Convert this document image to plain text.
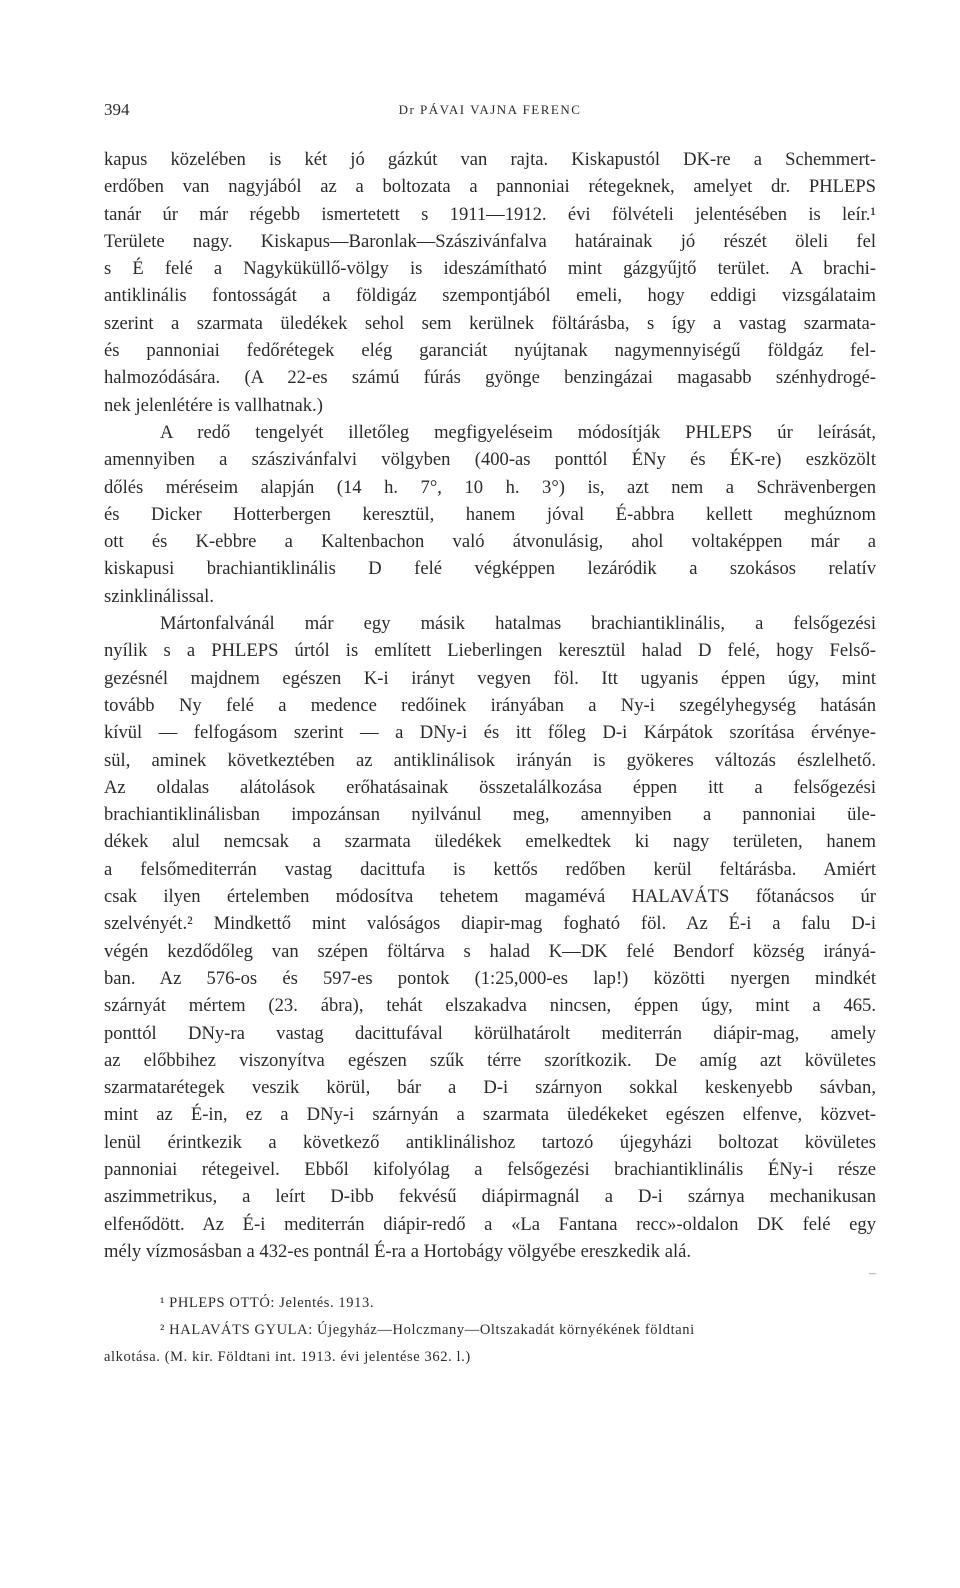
394	Dr PÁVAI VAJNA FERENC
kapus közelében is két jó gázkút van rajta. Kiskapustól DK-re a Schemmert-
erdőben van nagyjából az a boltozata a pannoniai rétegeknek, amelyet dr. PHLEPS
tanár úr már régebb ismertetett s 1911—1912. évi fölvételi jelentésében is leír.¹
Területe nagy. Kiskapus—Baronlak—Szászivánfalva határainak jó részét öleli fel
s É felé a Nagyküküllő-völgy is ideszámítható mint gázgyűjtő terület. A brachi-
antiklinális fontosságát a földigáz szempontjából emeli, hogy eddigi vizsgálataim
szerint a szarmata üledékek sehol sem kerülnek föltárásba, s így a vastag szarmata-
és pannoniai fedőrétegek elég garanciát nyújtanak nagymennyiségű földgáz fel-
halmozódására. (A 22-es számú fúrás gyönge benzingázai magasabb szénhydrogé-
nek jelenlétére is vallhatnak.)
A redő tengelyét illetőleg megfigyeléseim módosítják PHLEPS úr leírását,
amennyiben a szászivánfalvi völgyben (400-as ponttól ÉNy és ÉK-re) eszközölt
dőlés méréseim alapján (14 h. 7°, 10 h. 3°) is, azt nem a Schrävenbergen
és Dicker Hotterbergen keresztül, hanem jóval É-abbra kellett meghúznom
ott és K-ebbre a Kaltenbachon való átvonulásig, ahol voltaképpen már a
kiskapusi brachiantiklinális D felé végképpen lezáródik a szokásos relatív
szinklinálissal.
Mártonfalvánál már egy másik hatalmas brachiantiklinális, a felsőgezési
nyílik s a PHLEPS úrtól is említett Lieberlingen keresztül halad D felé, hogy Felső-
gezésnél majdnem egészen K-i irányt vegyen föl. Itt ugyanis éppen úgy, mint
tovább Ny felé a medence redőinek irányában a Ny-i szegélyhegység hatásán
kívül — felfogásom szerint — a DNy-i és itt főleg D-i Kárpátok szorítása érvénye-
sül, aminek következtében az antiklinálisok irányán is gyökeres változás észlelhető.
Az oldalas alátolások erőhatásainak összetalálkozása éppen itt a felsőgezési
brachiantiklinálisban impozánsan nyilvánul meg, amennyiben a pannoniai üle-
dékek alul nemcsak a szarmata üledékek emelkedtek ki nagy területen, hanem
a felsőmediterrán vastag dacittufa is kettős redőben kerül feltárásba. Amiért
csak ilyen értelemben módosítva tehetem magamévá HALAVÁTS főtanácsos úr
szelvényét.² Mindkettő mint valóságos diapir-mag fogható föl. Az É-i a falu D-i
végén kezdődőleg van szépen föltárva s halad K—DK felé Bendorf község irányá-
ban. Az 576-os és 597-es pontok (1:25,000-es lap!) közötti nyergen mindkét
szárnyát mértem (23. ábra), tehát elszakadva nincsen, éppen úgy, mint a 465.
ponttól DNy-ra vastag dacittufával körülhatárolt mediterrán diápir-mag, amely
az előbbihez viszonyítva egészen szűk térre szorítkozik. De amíg azt kövületes
szarmatarétegek veszik körül, bár a D-i szárnyon sokkal keskenyebb sávban,
mint az É-in, ez a DNy-i szárnyán a szarmata üledékeket egészen elfenve, közvet-
lenül érintkezik a következő antiklinálishoz tartozó újegyházi boltozat kövületes
pannoniai rétegeivel. Ebből kifolyólag a felsőgezési brachiantiklinális ÉNy-i része
aszimmetrikus, a leírt D-ibb fekvésű diápirmagnál a D-i szárnya mechanikusan
elfeнődött. Az É-i mediterrán diápir-redő a «La Fantana recc»-oldalon DK felé egy
mély vízmosásban a 432-es pontnál É-ra a Hortobágy völgyébe ereszkedik alá.
–
¹ PHLEPS OTTÓ: Jelentés. 1913.
² HALAVÁTS GYULA: Újegyház—Holczmany—Oltszakadát környékének földtani
alkotása. (M. kir. Földtani int. 1913. évi jelentése 362. l.)
